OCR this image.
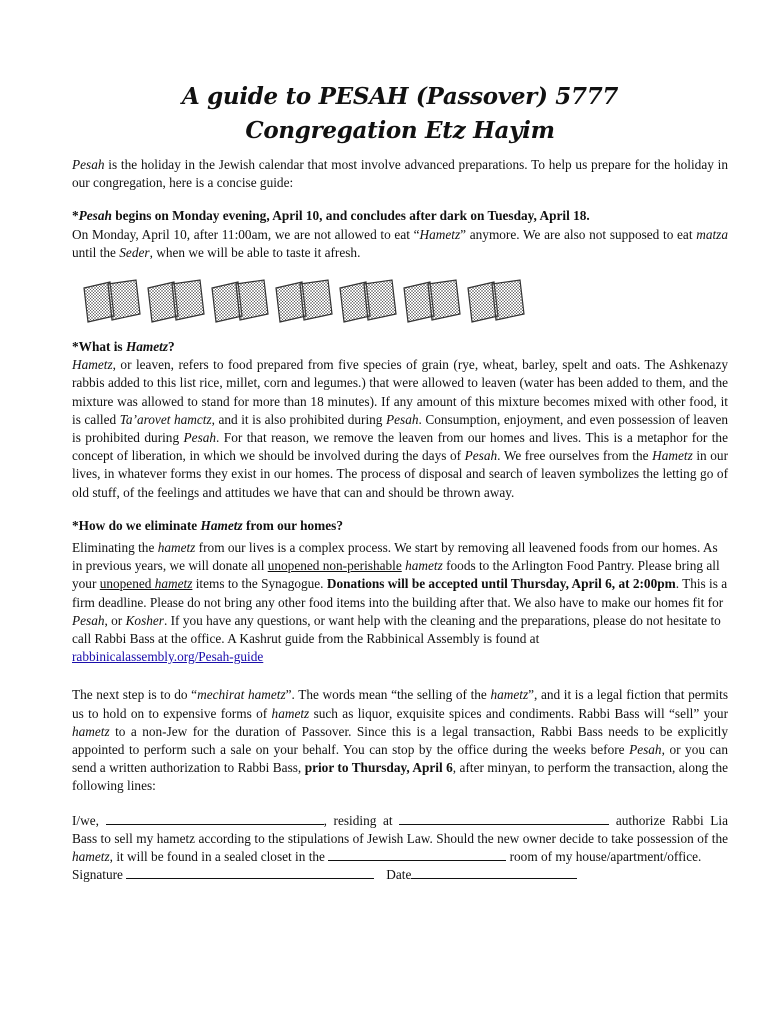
A guide to PESAH (Passover) 5777
Congregation Etz Hayim

Pesah is the holiday in the Jewish calendar that most involve advanced preparations. To help us prepare for the holiday in our congregation, here is a concise guide:

*Pesah begins on Monday evening, April 10, and concludes after dark on Tuesday, April 18.
On Monday, April 10, after 11:00am, we are not allowed to eat “Hametz” anymore. We are also not supposed to eat matza until the Seder, when we will be able to taste it afresh.

*What is Hametz?

Hametz, or leaven, refers to food prepared from five species of grain (rye, wheat, barley, spelt and oats. The Ashkenazy rabbis added to this list rice, millet, corn and legumes.) that were allowed to leaven (water has been added to them, and the mixture was allowed to stand for more than 18 minutes). If any amount of this mixture becomes mixed with other food, it is called Ta’arovet hamctz, and it is also prohibited during Pesah. Consumption, enjoyment, and even possession of leaven is prohibited during Pesah. For that reason, we remove the leaven from our homes and lives. This is a metaphor for the concept of liberation, in which we should be involved during the days of Pesah. We free ourselves from the Hametz in our lives, in whatever forms they exist in our homes. The process of disposal and search of leaven symbolizes the letting go of old stuff, of the feelings and attitudes we have that can and should be thrown away.

*How do we eliminate Hametz from our homes?

Eliminating the hametz from our lives is a complex process. We start by removing all leavened foods from our homes. As in previous years, we will donate all unopened non-perishable hametz foods to the Arlington Food Pantry. Please bring all your unopened hametz items to the Synagogue. Donations will be accepted until Thursday, April 6, at 2:00pm. This is a firm deadline. Please do not bring any other food items into the building after that. We also have to make our homes fit for Pesah, or Kosher. If you have any questions, or want help with the cleaning and the preparations, please do not hesitate to call Rabbi Bass at the office. A Kashrut guide from the Rabbinical Assembly is found at
rabbinicalassembly.org/Pesah-guide

The next step is to do “mechirat hametz”. The words mean “the selling of the hametz”, and it is a legal fiction that permits us to hold on to expensive forms of hametz such as liquor, exquisite spices and condiments. Rabbi Bass will “sell” your hametz to a non-Jew for the duration of Passover. Since this is a legal transaction, Rabbi Bass needs to be explicitly appointed to perform such a sale on your behalf. You can stop by the office during the weeks before Pesah, or you can send a written authorization to Rabbi Bass, prior to Thursday, April 6, after minyan, to perform the transaction, along the following lines:

I/we,	, residing at	authorize Rabbi Lia Bass to sell my hametz according to the stipulations of Jewish Law. Should the new owner decide to take possession of the hametz, it will be found in a sealed closet in the	room of my house/apartment/office.
Signature	Date
